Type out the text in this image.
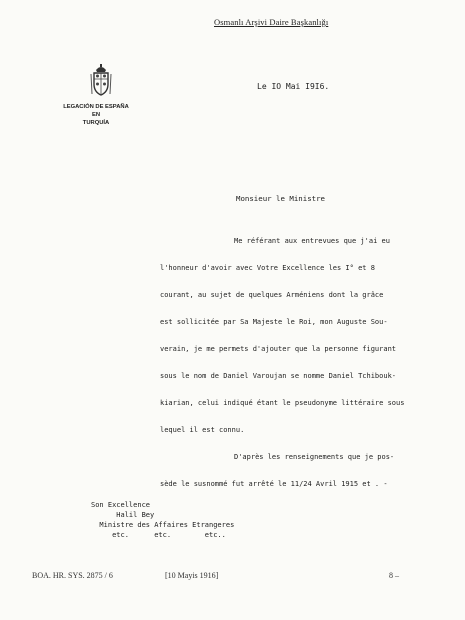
Osmanlı Arşivi Daire Başkanlığı
LEGACIÓN DE ESPAÑA
EN
TURQUÍA
Le IO Mai I9I6.
Monsieur le Ministre
Me référant aux entrevues que j'ai eu
l'honneur d'avoir avec Votre Excellence les I° et 8
courant, au sujet de quelques Arméniens dont la grâce
est sollicitée par Sa Majeste le Roi, mon Auguste Sou-
verain, je me permets d'ajouter que la personne figurant
sous le nom de Daniel Varoujan se nomme Daniel Tchibouk-
kiarian, celui indiqué étant le pseudonyme littéraire sous
lequel il est connu.
D'après les renseignements que je pos-
sède le susnommé fut arrêté le 11/24 Avril 1915 et . -
Son Excellence
Halil Bey
Ministre des Affaires Etrangeres
etc.      etc.        etc..
BOA. HR. SYS. 2875 / 6	[10 Mayis 1916]	8 –
